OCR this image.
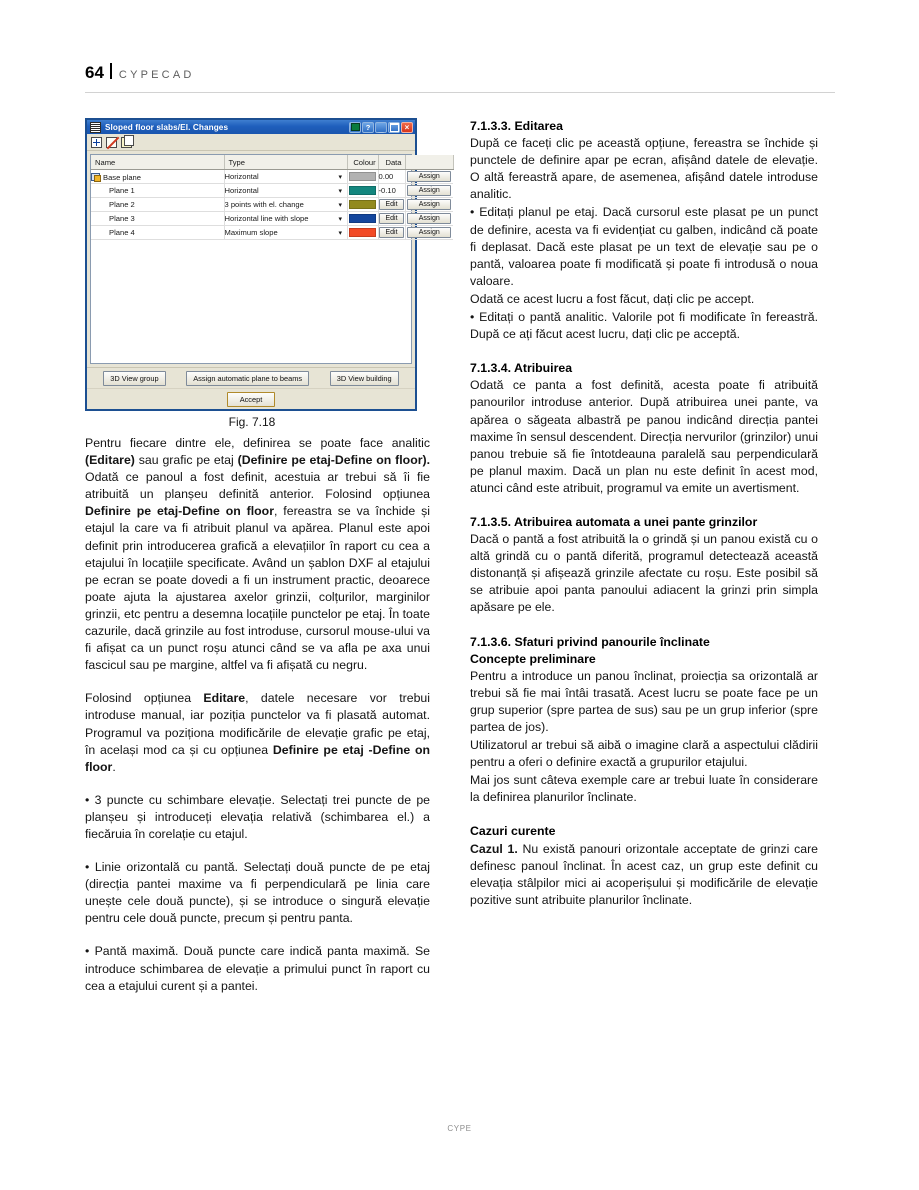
64 CYPECAD
Sloped floor slabs/El. Changes	? _	×
Name	Type		Colour	Data	
Base plane	Horizontal	▾		0.00	Assign
Plane 1	Horizontal	▾		-0.10	Assign
Plane 2	3 points with el. change	▾		Edit	Assign
Plane 3	Horizontal line with slope	▾		Edit	Assign
Plane 4	Maximum slope	▾		Edit	Assign
3D View group	Assign automatic plane to beams	3D View building
Accept
Fig. 7.18

Pentru fiecare dintre ele, definirea se poate face analitic (Editare) sau grafic pe etaj (Definire pe etaj-Define on floor). Odată ce panoul a fost definit, acestuia ar trebui să îi fie atribuită un planșeu definită anterior. Folosind opțiunea Definire pe etaj-Define on floor, fereastra se va închide și etajul la care va fi atribuit planul va apărea. Planul este apoi definit prin introducerea grafică a elevațiilor în raport cu cea a etajului în locațiile specificate. Având un șablon DXF al etajului pe ecran se poate dovedi a fi un instrument practic, deoarece poate ajuta la ajustarea axelor grinzii, colțurilor, marginilor grinzii, etc pentru a desemna locațiile punctelor pe etaj. În toate cazurile, dacă grinzile au fost introduse, cursorul mouse-ului va fi afișat ca un punct roșu atunci când se va afla pe axa unui fascicul sau pe margine, altfel va fi afișată cu negru.

Folosind opțiunea Editare, datele necesare vor trebui introduse manual, iar poziția punctelor va fi plasată automat. Programul va poziționa modificările de elevație grafic pe etaj, în același mod ca și cu opțiunea Definire pe etaj -Define on floor.

• 3 puncte cu schimbare elevație. Selectați trei puncte de pe planșeu și introduceți elevația relativă (schimbarea el.) a fiecăruia în corelație cu etajul.

• Linie orizontală cu pantă. Selectați două puncte de pe etaj (direcția pantei maxime va fi perpendiculară pe linia care unește cele două puncte), și se introduce o singură elevație pentru cele două puncte, precum și pentru panta.

• Pantă maximă. Două puncte care indică panta maximă. Se introduce schimbarea de elevație a primului punct în raport cu cea a etajului curent și a pantei.

7.1.3.3. Editarea

După ce faceți clic pe această opțiune, fereastra se închide și punctele de definire apar pe ecran, afișând datele de elevație. O altă fereastră apare, de asemenea, afișând datele introduse analitic.

• Editați planul pe etaj. Dacă cursorul este plasat pe un punct de definire, acesta va fi evidențiat cu galben, indicând că poate fi deplasat. Dacă este plasat pe un text de elevație sau pe o pantă, valoarea poate fi modificată și poate fi introdusă o noua valoare.

Odată ce acest lucru a fost făcut, dați clic pe accept.

• Editați o pantă analitic. Valorile pot fi modificate în fereastră. După ce ați făcut acest lucru, dați clic pe acceptă.

7.1.3.4. Atribuirea

Odată ce panta a fost definită, acesta poate fi atribuită panourilor introduse anterior. După atribuirea unei pante, va apărea o săgeata albastră pe panou indicând direcția pantei maxime în sensul descendent. Direcția nervurilor (grinzilor) unui panou trebuie să fie întotdeauna paralelă sau perpendiculară pe planul maxim. Dacă un plan nu este definit în acest mod, atunci când este atribuit, programul va emite un avertisment.

7.1.3.5. Atribuirea automata a unei pante grinzilor

Dacă o pantă a fost atribuită la o grindă și un panou există cu o altă grindă cu o pantă diferită, programul detectează această distonanță și afișează grinzile afectate cu roșu. Este posibil să se atribuie apoi panta panoului adiacent la grinzi prin simpla apăsare pe ele.

7.1.3.6. Sfaturi privind panourile înclinate
Concepte preliminare

Pentru a introduce un panou înclinat, proiecția sa orizontală ar trebui să fie mai întâi trasată. Acest lucru se poate face pe un grup superior (spre partea de sus) sau pe un grup inferior (spre partea de jos).

Utilizatorul ar trebui să aibă o imagine clară a aspectului clădirii pentru a oferi o definire exactă a grupurilor etajului.

Mai jos sunt câteva exemple care ar trebui luate în considerare la definirea planurilor înclinate.

Cazuri curente

Cazul 1. Nu există panouri orizontale acceptate de grinzi care definesc panoul înclinat. În acest caz, un grup este definit cu elevația stâlpilor mici ai acoperișului și modificările de elevație pozitive sunt atribuite planurilor înclinate.

CYPE
